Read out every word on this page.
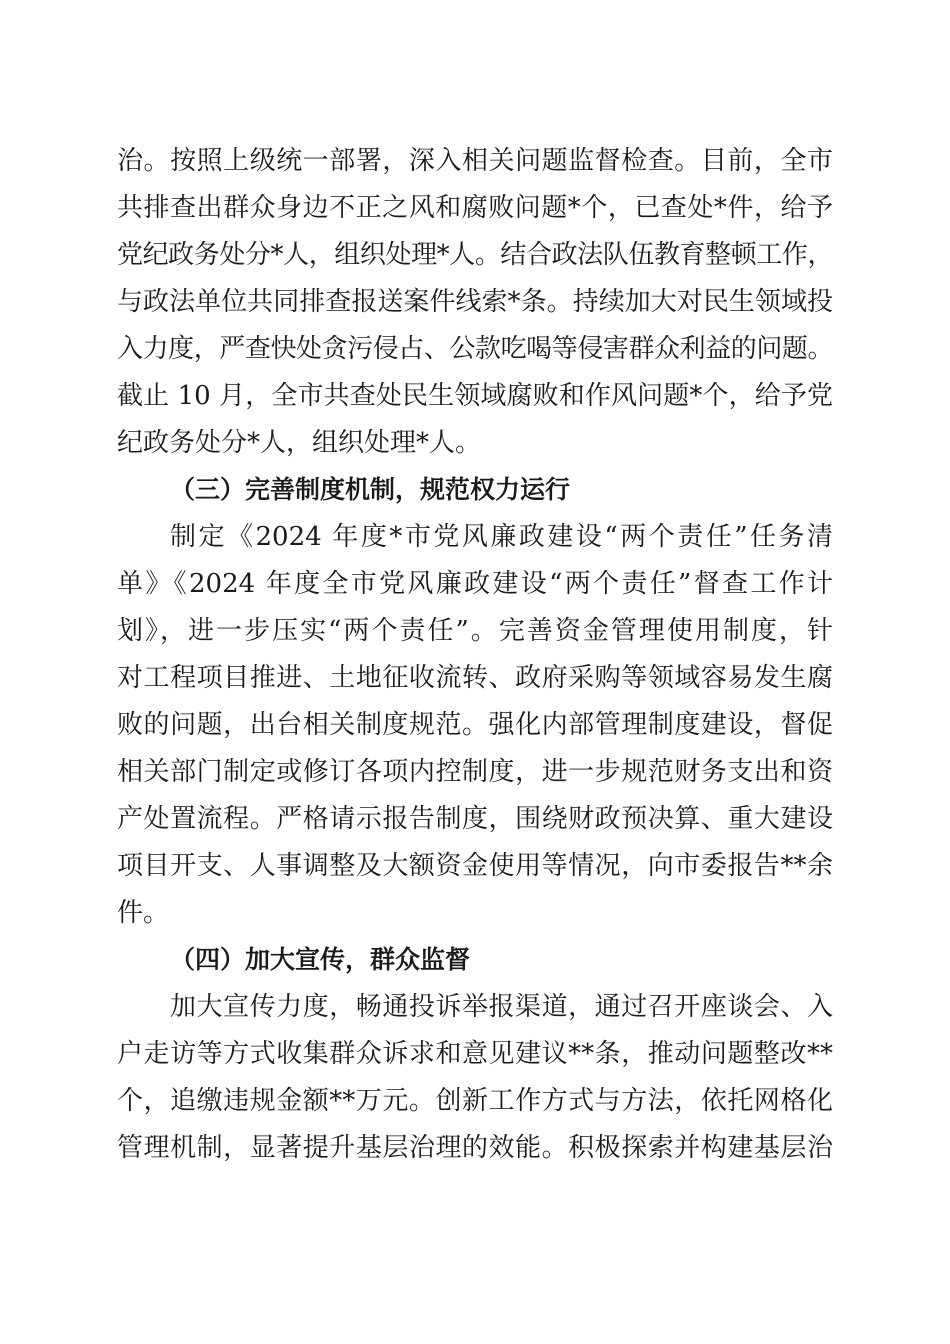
治。按照上级统一部署，深入相关问题监督检查。目前，全市
共排查出群众身边不正之风和腐败问题*个，已查处*件，给予
党纪政务处分*人，组织处理*人。结合政法队伍教育整顿工作，
与政法单位共同排查报送案件线索*条。持续加大对民生领域投
入力度，严查快处贪污侵占、公款吃喝等侵害群众利益的问题。
截止 10 月，全市共查处民生领域腐败和作风问题*个，给予党
纪政务处分*人，组织处理*人。
（三）完善制度机制，规范权力运行
制定《2024 年度*市党风廉政建设“两个责任”任务清
单》《2024 年度全市党风廉政建设“两个责任”督查工作计
划》，进一步压实“两个责任”。完善资金管理使用制度，针
对工程项目推进、土地征收流转、政府采购等领域容易发生腐
败的问题，出台相关制度规范。强化内部管理制度建设，督促
相关部门制定或修订各项内控制度，进一步规范财务支出和资
产处置流程。严格请示报告制度，围绕财政预决算、重大建设
项目开支、人事调整及大额资金使用等情况，向市委报告**余
件。
（四）加大宣传，群众监督
加大宣传力度，畅通投诉举报渠道，通过召开座谈会、入
户走访等方式收集群众诉求和意见建议**条，推动问题整改**
个，追缴违规金额**万元。创新工作方式与方法，依托网格化
管理机制，显著提升基层治理的效能。积极探索并构建基层治
